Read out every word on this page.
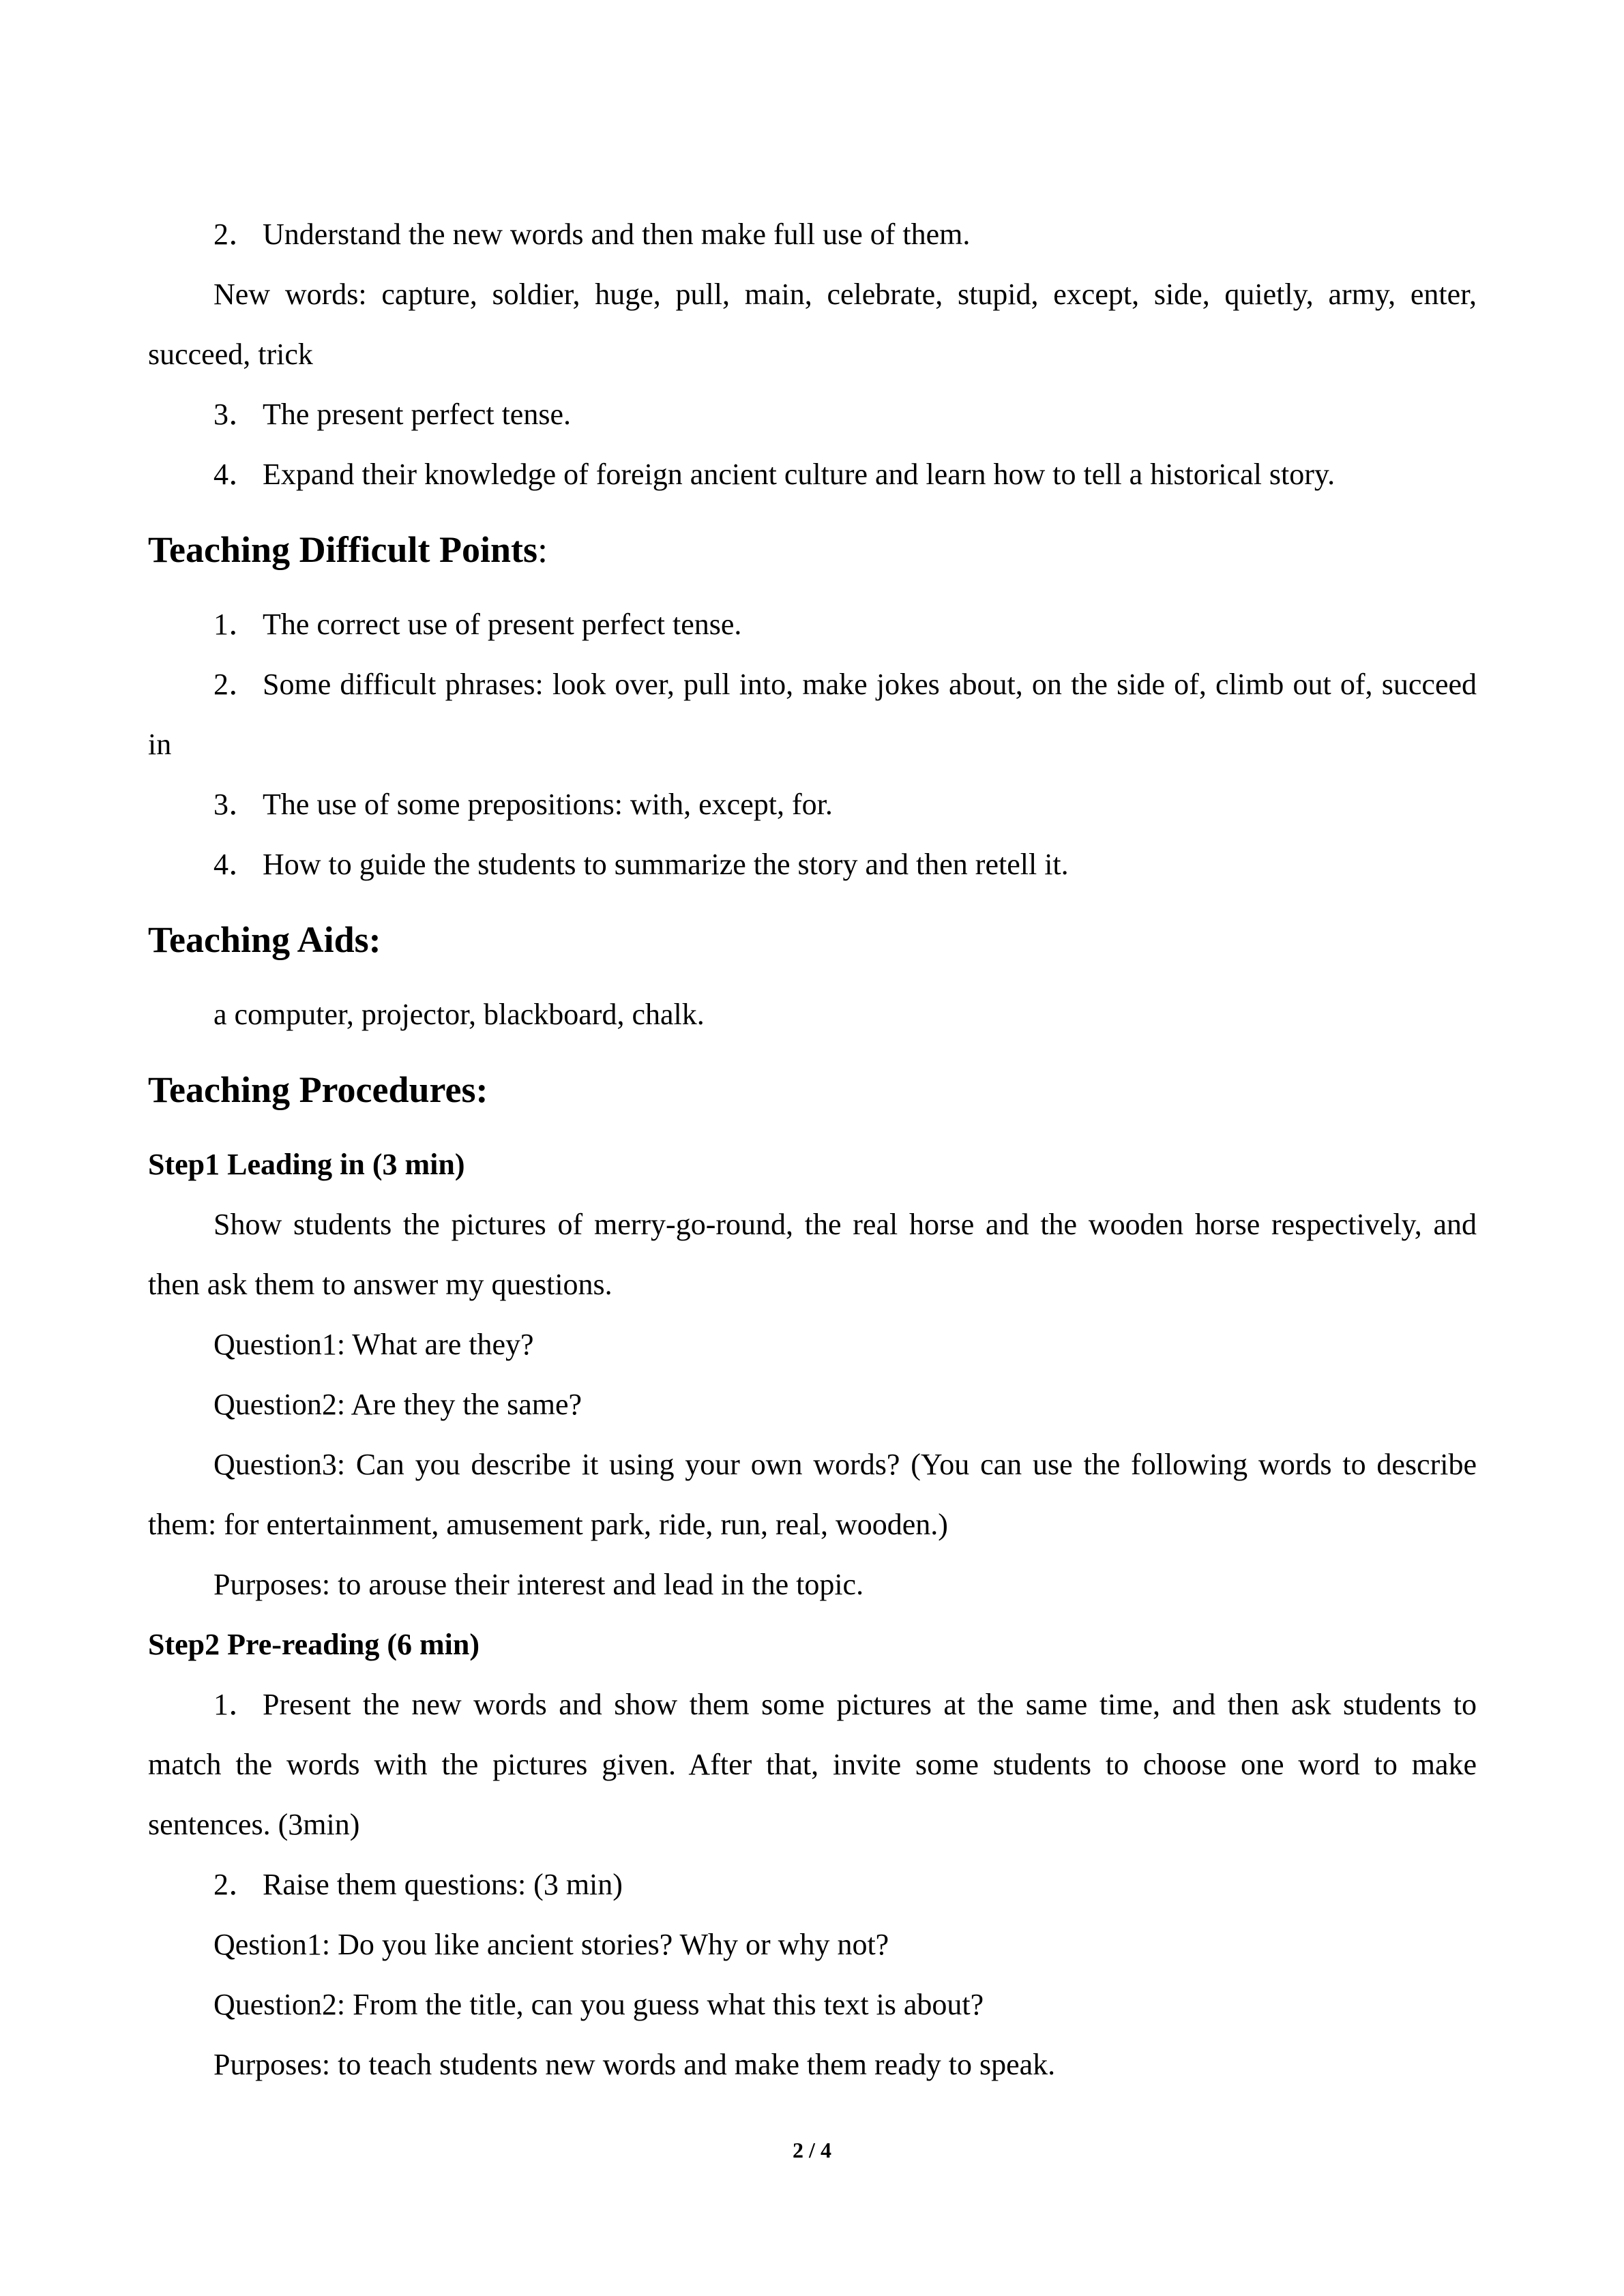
2． Understand the new words and then make full use of them.

New words: capture, soldier, huge, pull, main, celebrate, stupid, except, side, quietly, army, enter, succeed, trick

3． The present perfect tense.

4． Expand their knowledge of foreign ancient culture and learn how to tell a historical story.

Teaching Difficult Points:

1． The correct use of present perfect tense.

2． Some difficult phrases: look over, pull into, make jokes about, on the side of, climb out of, succeed in

3． The use of some prepositions: with, except, for.

4． How to guide the students to summarize the story and then retell it.

Teaching Aids:

a computer, projector, blackboard, chalk.

Teaching Procedures:

Step1 Leading in (3 min)

Show students the pictures of merry-go-round, the real horse and the wooden horse respectively, and then ask them to answer my questions.

Question1: What are they?

Question2: Are they the same?

Question3: Can you describe it using your own words? (You can use the following words to describe them: for entertainment, amusement park, ride, run, real, wooden.)

Purposes: to arouse their interest and lead in the topic.

Step2 Pre-reading (6 min)

1． Present the new words and show them some pictures at the same time, and then ask students to match the words with the pictures given. After that, invite some students to choose one word to make sentences. (3min)

2． Raise them questions: (3 min)

Qestion1: Do you like ancient stories? Why or why not?

Question2: From the title, can you guess what this text is about?

Purposes: to teach students new words and make them ready to speak.

2 / 4
